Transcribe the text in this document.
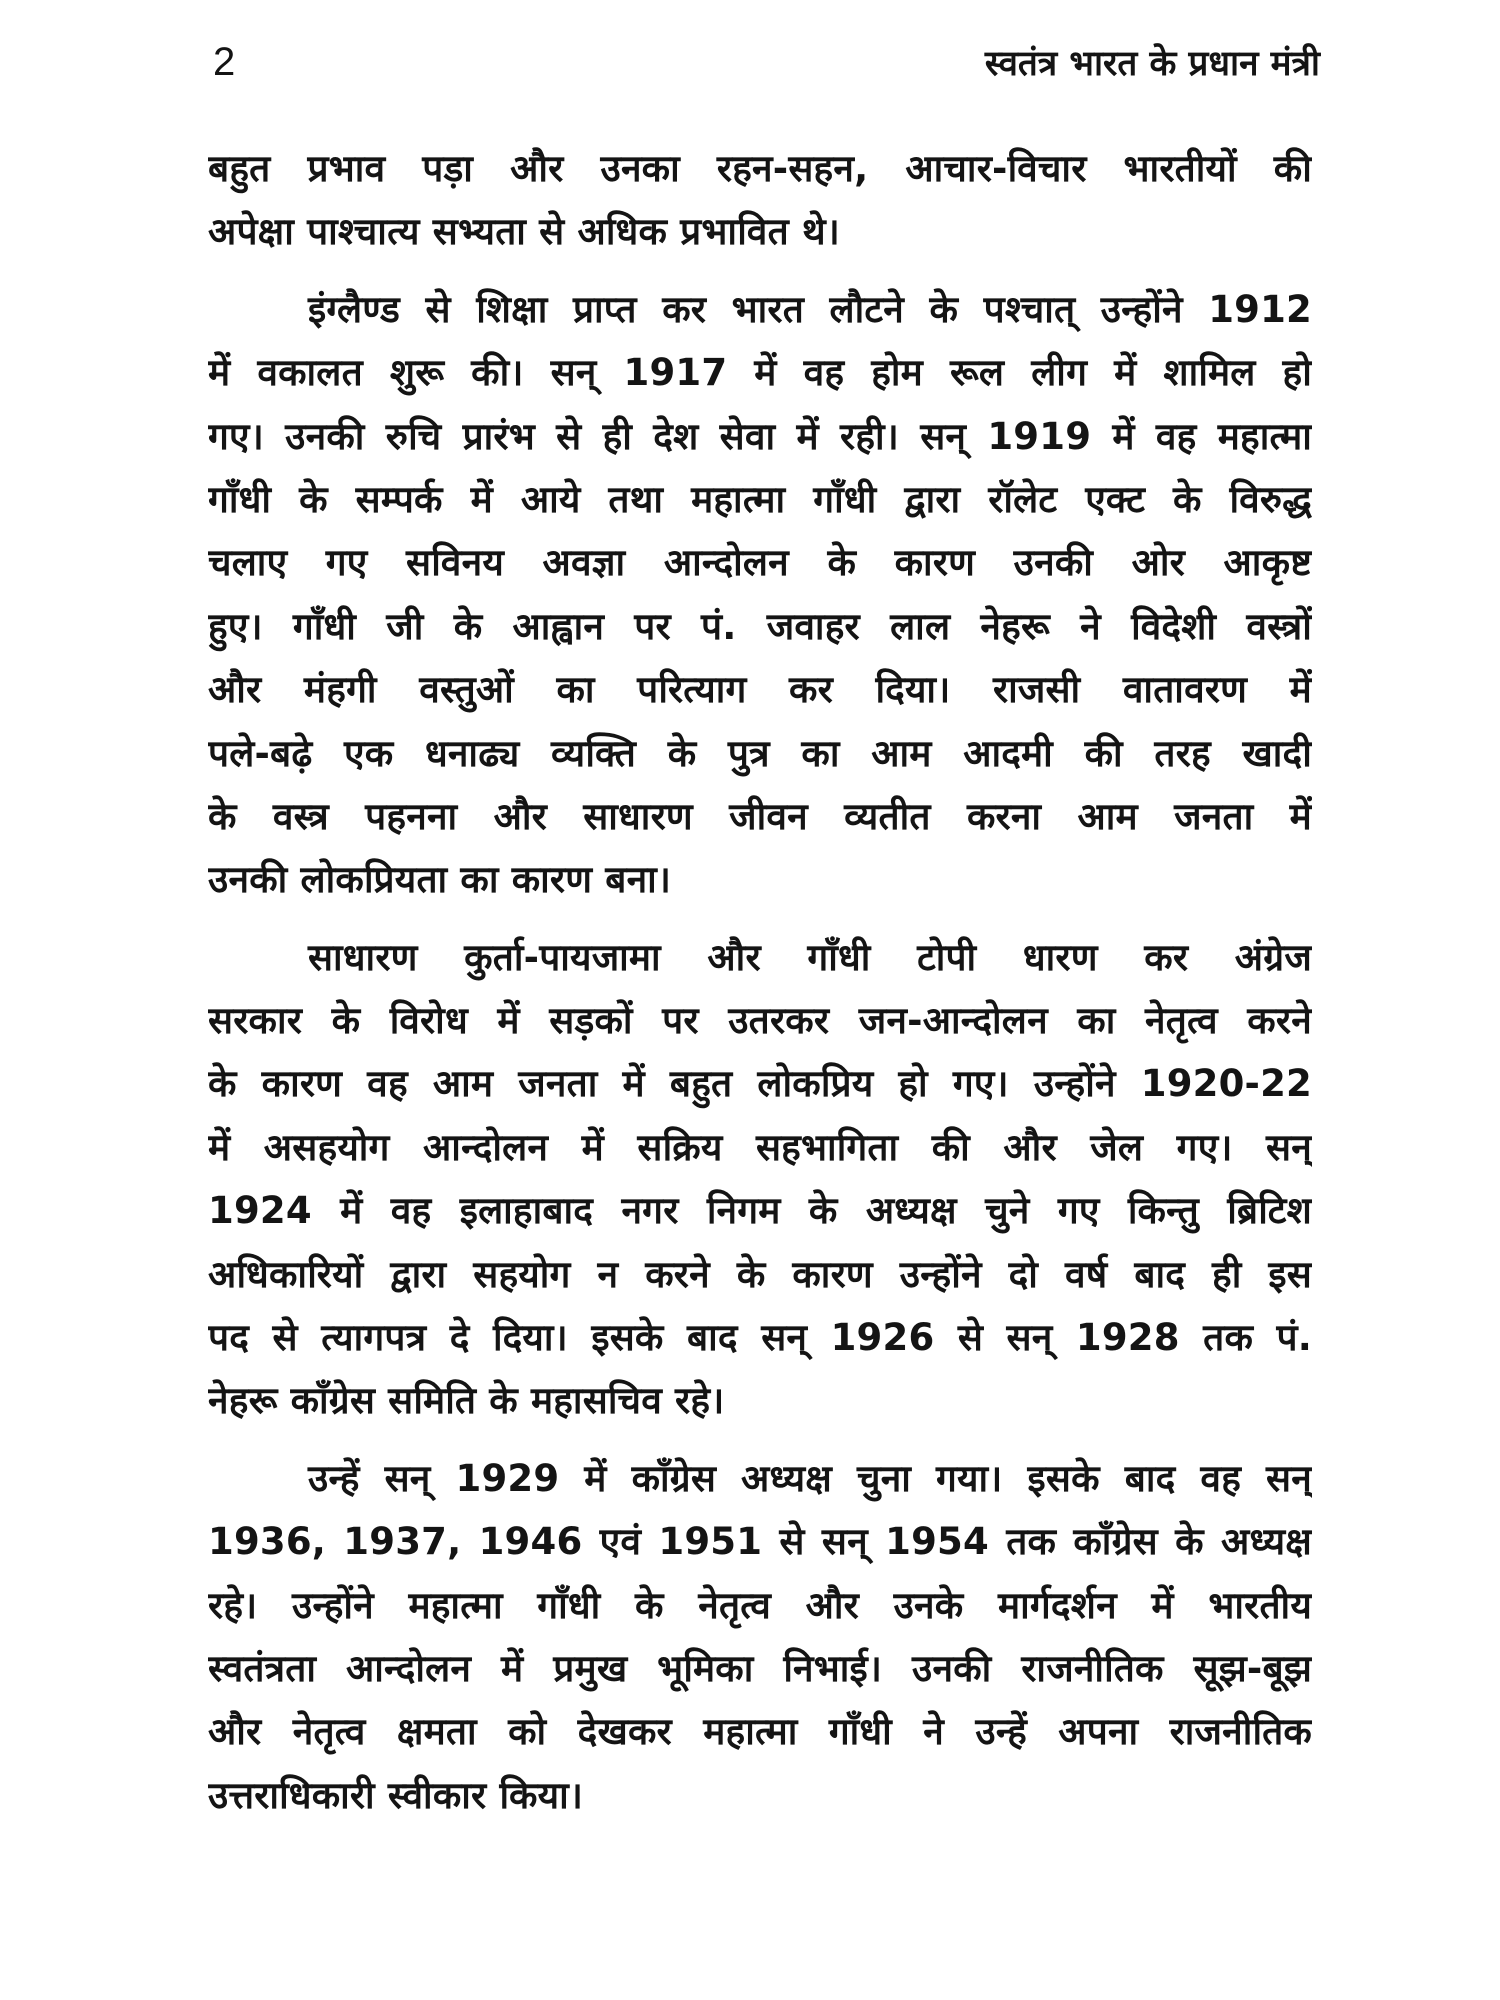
2	स्वतंत्र भारत के प्रधान मंत्री
बहुत प्रभाव पड़ा और उनका रहन-सहन, आचार-विचार भारतीयों की
अपेक्षा पाश्चात्य सभ्यता से अधिक प्रभावित थे।
इंग्लैण्ड से शिक्षा प्राप्त कर भारत लौटने के पश्चात् उन्होंने 1912
में वकालत शुरू की। सन् 1917 में वह होम रूल लीग में शामिल हो
गए। उनकी रुचि प्रारंभ से ही देश सेवा में रही। सन् 1919 में वह महात्मा
गाँधी के सम्पर्क में आये तथा महात्मा गाँधी द्वारा रॉलेट एक्ट के विरुद्ध
चलाए गए सविनय अवज्ञा आन्दोलन के कारण उनकी ओर आकृष्ट
हुए। गाँधी जी के आह्वान पर पं. जवाहर लाल नेहरू ने विदेशी वस्त्रों
और मंहगी वस्तुओं का परित्याग कर दिया। राजसी वातावरण में
पले-बढ़े एक धनाढ्य व्यक्ति के पुत्र का आम आदमी की तरह खादी
के वस्त्र पहनना और साधारण जीवन व्यतीत करना आम जनता में
उनकी लोकप्रियता का कारण बना।
साधारण कुर्ता-पायजामा और गाँधी टोपी धारण कर अंग्रेज
सरकार के विरोध में सड़कों पर उतरकर जन-आन्दोलन का नेतृत्व करने
के कारण वह आम जनता में बहुत लोकप्रिय हो गए। उन्होंने 1920-22
में असहयोग आन्दोलन में सक्रिय सहभागिता की और जेल गए। सन्
1924 में वह इलाहाबाद नगर निगम के अध्यक्ष चुने गए किन्तु ब्रिटिश
अधिकारियों द्वारा सहयोग न करने के कारण उन्होंने दो वर्ष बाद ही इस
पद से त्यागपत्र दे दिया। इसके बाद सन् 1926 से सन् 1928 तक पं.
नेहरू काँग्रेस समिति के महासचिव रहे।
उन्हें सन् 1929 में काँग्रेस अध्यक्ष चुना गया। इसके बाद वह सन्
1936, 1937, 1946 एवं 1951 से सन् 1954 तक काँग्रेस के अध्यक्ष
रहे। उन्होंने महात्मा गाँधी के नेतृत्व और उनके मार्गदर्शन में भारतीय
स्वतंत्रता आन्दोलन में प्रमुख भूमिका निभाई। उनकी राजनीतिक सूझ-बूझ
और नेतृत्व क्षमता को देखकर महात्मा गाँधी ने उन्हें अपना राजनीतिक
उत्तराधिकारी स्वीकार किया।
